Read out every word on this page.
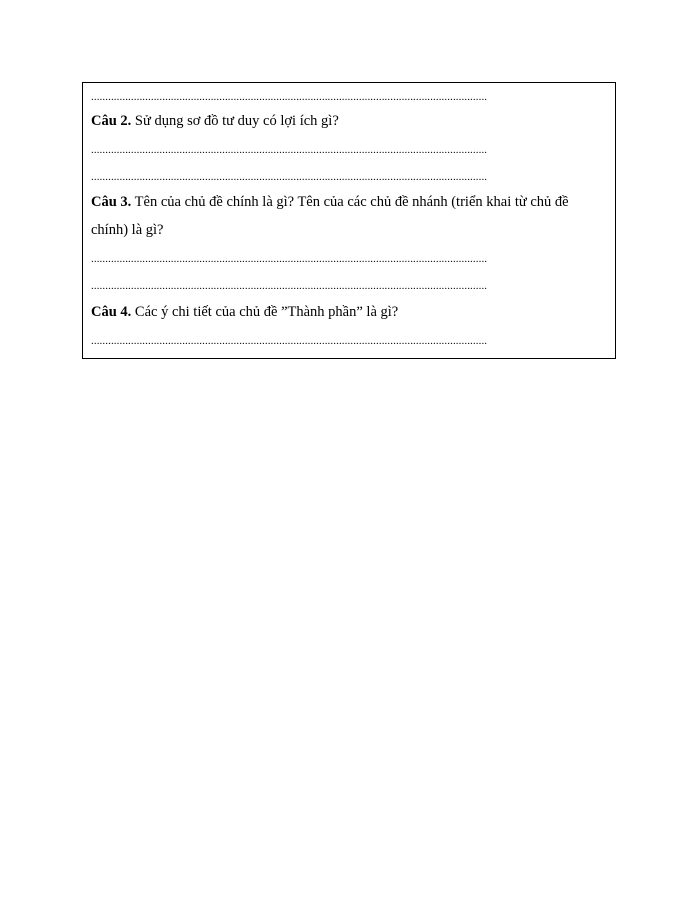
...........................................................................................................................................
Câu 2. Sử dụng sơ đồ tư duy có lợi ích gì?
...........................................................................................................................................
...........................................................................................................................................
Câu 3. Tên của chủ đề chính là gì? Tên của các chủ đề nhánh (triển khai từ chủ đề
chính) là gì?
...........................................................................................................................................
...........................................................................................................................................
Câu 4. Các ý chi tiết của chủ đề ”Thành phần” là gì?
...........................................................................................................................................
